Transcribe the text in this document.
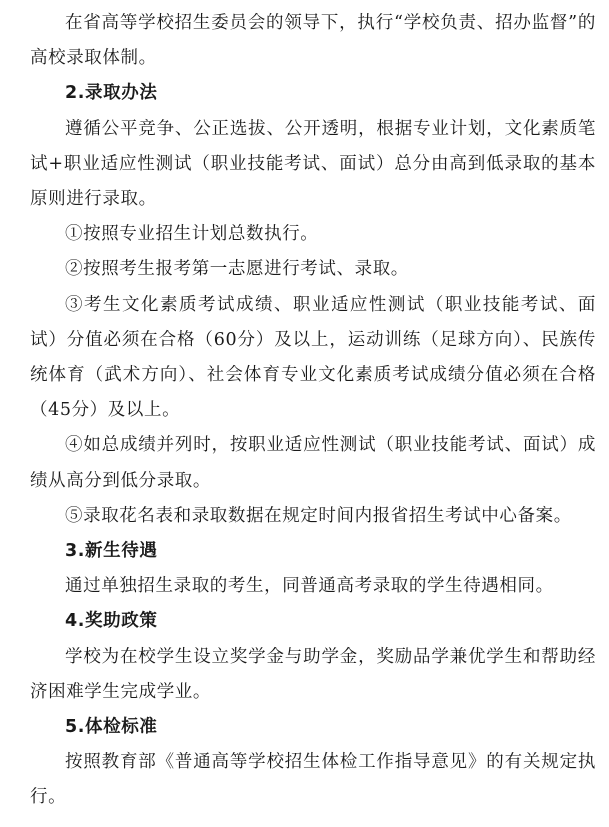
在省高等学校招生委员会的领导下，执行“学校负责、招办监督”的高校录取体制。

2.录取办法

遵循公平竞争、公正选拔、公开透明，根据专业计划，文化素质笔试+职业适应性测试（职业技能考试、面试）总分由高到低录取的基本原则进行录取。

①按照专业招生计划总数执行。

②按照考生报考第一志愿进行考试、录取。

③考生文化素质考试成绩、职业适应性测试（职业技能考试、面试）分值必须在合格（60分）及以上，运动训练（足球方向）、民族传统体育（武术方向）、社会体育专业文化素质考试成绩分值必须在合格（45分）及以上。

④如总成绩并列时，按职业适应性测试（职业技能考试、面试）成绩从高分到低分录取。

⑤录取花名表和录取数据在规定时间内报省招生考试中心备案。

3.新生待遇

通过单独招生录取的考生，同普通高考录取的学生待遇相同。

4.奖助政策

学校为在校学生设立奖学金与助学金，奖励品学兼优学生和帮助经济困难学生完成学业。

5.体检标准

按照教育部《普通高等学校招生体检工作指导意见》的有关规定执行。
